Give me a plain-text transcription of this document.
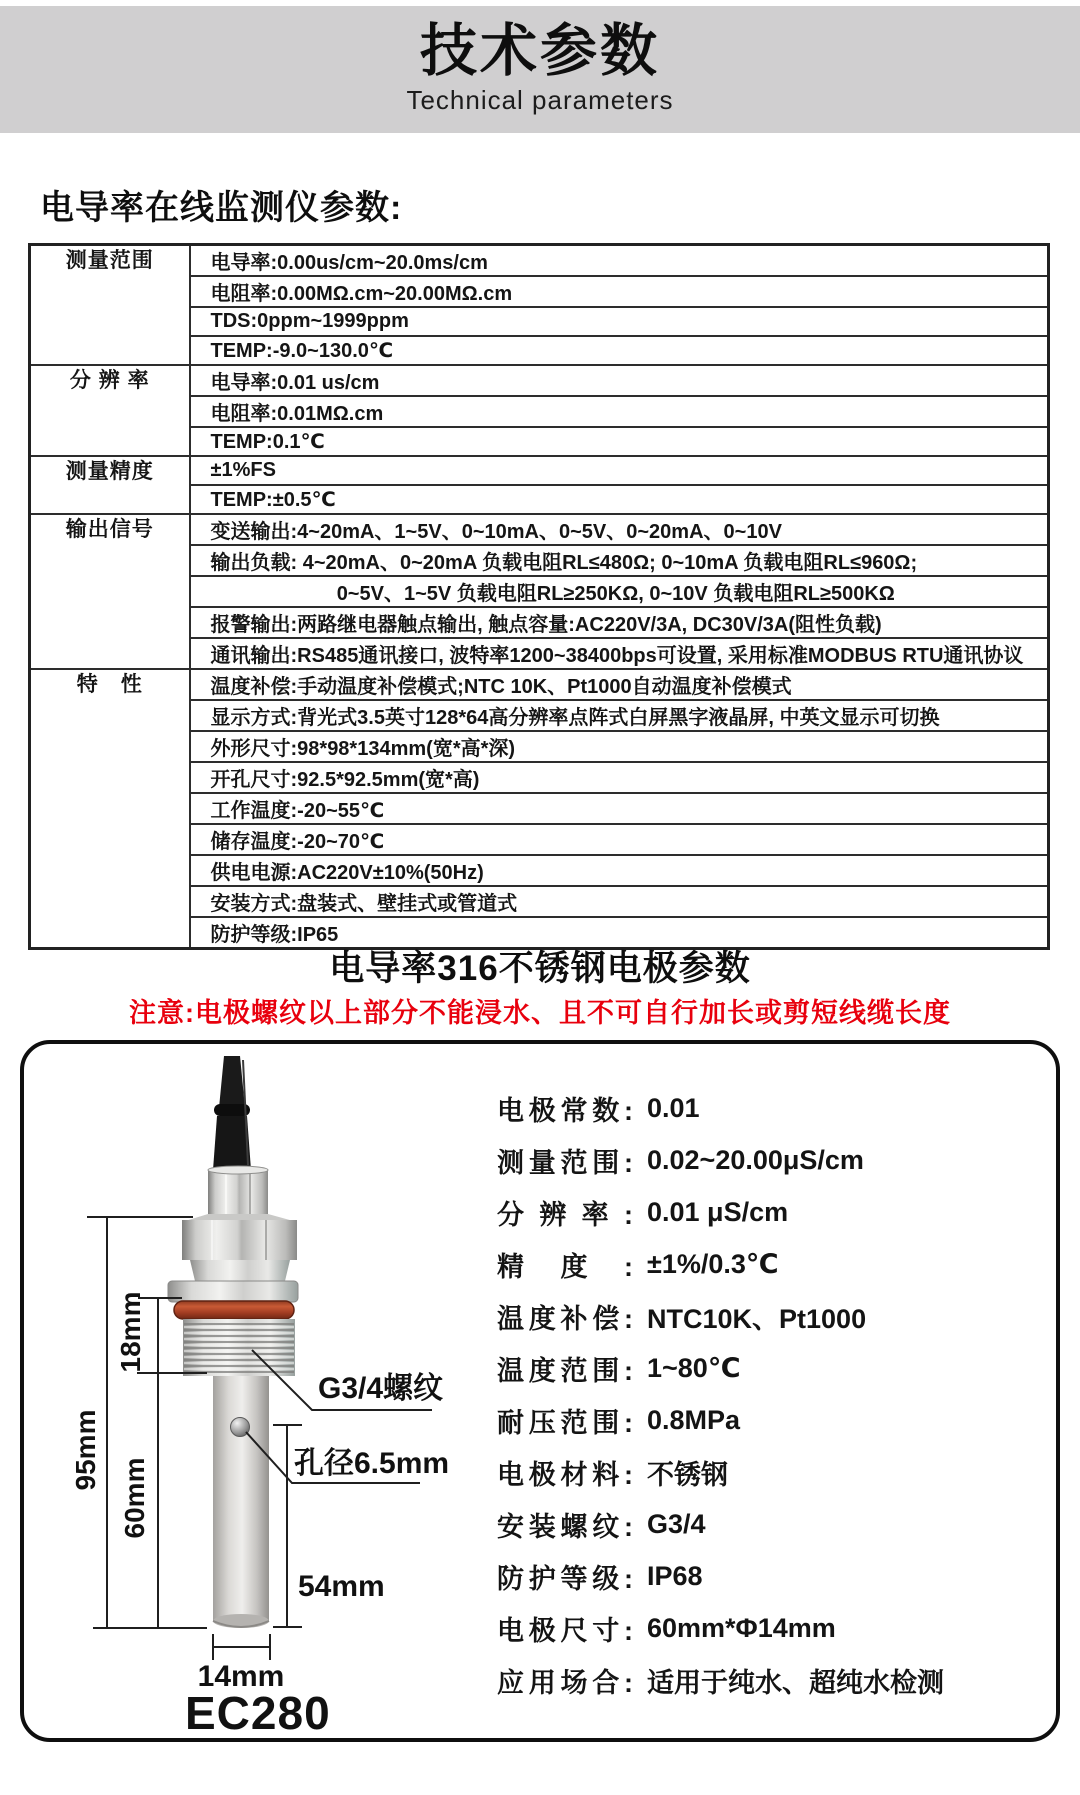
技术参数
Technical parameters
电导率在线监测仪参数:
测量范围	电导率:0.00us/cm~20.0ms/cm
	电阻率:0.00MΩ.cm~20.00MΩ.cm
	TDS:0ppm~1999ppm
	TEMP:-9.0~130.0℃
分 辨 率	电导率:0.01 us/cm
	电阻率:0.01MΩ.cm
	TEMP:0.1℃
测量精度	±1%FS
	TEMP:±0.5℃
输出信号	变送输出:4~20mA、1~5V、0~10mA、0~5V、0~20mA、0~10V
	输出负载: 4~20mA、0~20mA 负载电阻RL≤480Ω; 0~10mA 负载电阻RL≤960Ω;
	0~5V、1~5V 负载电阻RL≥250KΩ, 0~10V 负载电阻RL≥500KΩ
	报警输出:两路继电器触点输出, 触点容量:AC220V/3A, DC30V/3A(阻性负载)
	通讯输出:RS485通讯接口, 波特率1200~38400bps可设置, 采用标准MODBUS RTU通讯协议
特　性	温度补偿:手动温度补偿模式;NTC 10K、Pt1000自动温度补偿模式
	显示方式:背光式3.5英寸128*64高分辨率点阵式白屏黑字液晶屏, 中英文显示可切换
	外形尺寸:98*98*134mm(宽*高*深)
	开孔尺寸:92.5*92.5mm(宽*高)
	工作温度:-20~55℃
	储存温度:-20~70℃
	供电电源:AC220V±10%(50Hz)
	安装方式:盘装式、壁挂式或管道式
	防护等级:IP65
电导率316不锈钢电极参数
注意:电极螺纹以上部分不能浸水、且不可自行加长或剪短线缆长度
95mm
18mm
60mm
54mm
14mm
G3/4螺纹
孔径6.5mm
EC280
电极常数: 0.01
测量范围: 0.02~20.00μS/cm
分辨率: 0.01 μS/cm
精度: ±1%/0.3℃
温度补偿: NTC10K、Pt1000
温度范围: 1~80℃
耐压范围: 0.8MPa
电极材料: 不锈钢
安装螺纹: G3/4
防护等级: IP68
电极尺寸: 60mm*Φ14mm
应用场合: 适用于纯水、超纯水检测
